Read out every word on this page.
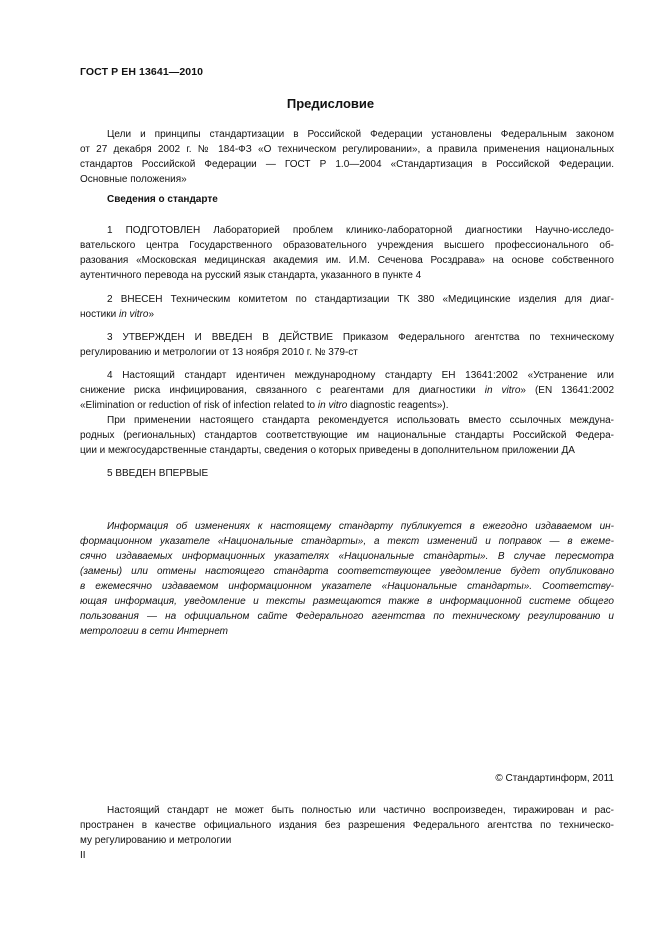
ГОСТ Р ЕН 13641—2010
Предисловие
Цели и принципы стандартизации в Российской Федерации установлены Федеральным законом
от 27 декабря 2002 г. № 184-ФЗ «О техническом регулировании», а правила применения национальных
стандартов Российской Федерации — ГОСТ Р 1.0—2004 «Стандартизация в Российской Федерации.
Основные положения»
Сведения о стандарте
1 ПОДГОТОВЛЕН Лабораторией проблем клинико-лабораторной диагностики Научно-исследо-
вательского центра Государственного образовательного учреждения высшего профессионального об-
разования «Московская медицинская академия им. И.М. Сеченова Росздрава» на основе собственного
аутентичного перевода на русский язык стандарта, указанного в пункте 4
2 ВНЕСЕН Техническим комитетом по стандартизации ТК 380 «Медицинские изделия для диаг-
ностики in vitro»
3 УТВЕРЖДЕН И ВВЕДЕН В ДЕЙСТВИЕ Приказом Федерального агентства по техническому
регулированию и метрологии от 13 ноября 2010 г. № 379-ст
4 Настоящий стандарт идентичен международному стандарту ЕН 13641:2002 «Устранение или
снижение риска инфицирования, связанного с реагентами для диагностики in vitro» (EN 13641:2002
«Elimination or reduction of risk of infection related to in vitro diagnostic reagents»).
При применении настоящего стандарта рекомендуется использовать вместо ссылочных междуна-
родных (региональных) стандартов соответствующие им национальные стандарты Российской Федера-
ции и межгосударственные стандарты, сведения о которых приведены в дополнительном приложении ДА
5 ВВЕДЕН ВПЕРВЫЕ
Информация об изменениях к настоящему стандарту публикуется в ежегодно издаваемом ин-
формационном указателе «Национальные стандарты», а текст изменений и поправок — в ежеме-
сячно издаваемых информационных указателях «Национальные стандарты». В случае пересмотра
(замены) или отмены настоящего стандарта соответствующее уведомление будет опубликовано
в ежемесячно издаваемом информационном указателе «Национальные стандарты». Соответству-
ющая информация, уведомление и тексты размещаются также в информационной системе общего
пользования — на официальном сайте Федерального агентства по техническому регулированию и
метрологии в сети Интернет
© Стандартинформ, 2011
Настоящий стандарт не может быть полностью или частично воспроизведен, тиражирован и рас-
пространен в качестве официального издания без разрешения Федерального агентства по техническо-
му регулированию и метрологии
II
